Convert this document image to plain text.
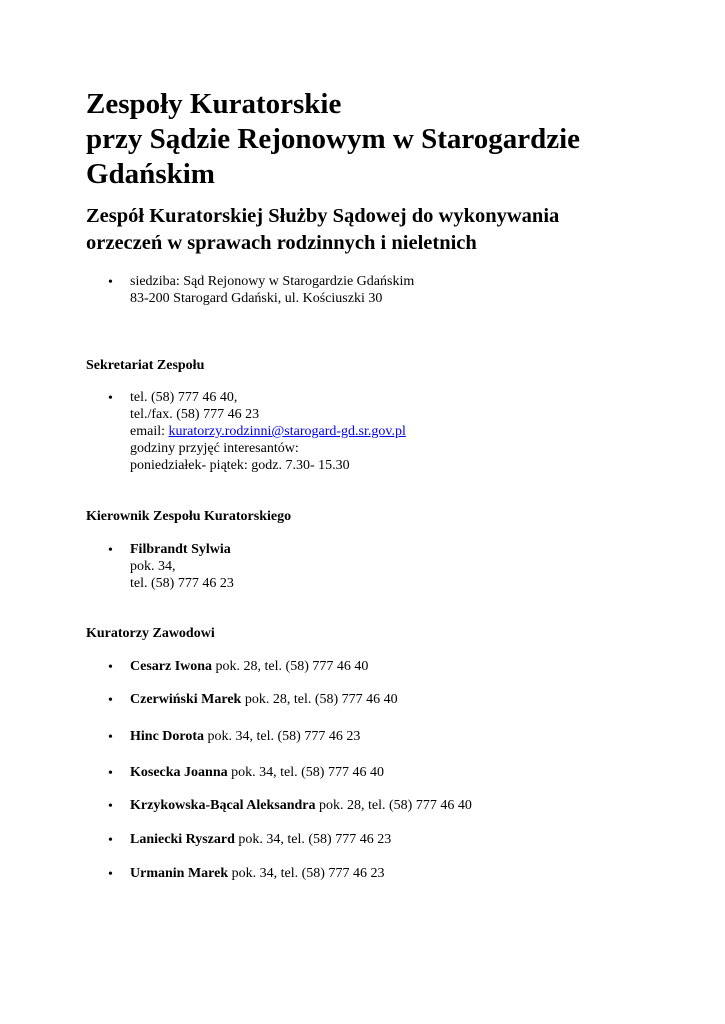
Zespoły Kuratorskie
przy Sądzie Rejonowym w Starogardzie
Gdańskim
Zespół Kuratorskiej Służby Sądowej do wykonywania
orzeczeń w sprawach rodzinnych i nieletnich
•
siedziba: Sąd Rejonowy w Starogardzie Gdańskim
83-200 Starogard Gdański, ul. Kościuszki 30
Sekretariat Zespołu
•
tel. (58) 777 46 40,
tel./fax. (58) 777 46 23
email: kuratorzy.rodzinni@starogard-gd.sr.gov.pl
godziny przyjęć interesantów:
poniedziałek- piątek: godz. 7.30- 15.30
Kierownik Zespołu Kuratorskiego
•
Filbrandt Sylwia
pok. 34,
tel. (58) 777 46 23
Kuratorzy Zawodowi
•
Cesarz Iwona pok. 28, tel. (58) 777 46 40
•
Czerwiński Marek pok. 28, tel. (58) 777 46 40
•
Hinc Dorota pok. 34, tel. (58) 777 46 23
•
Kosecka Joanna pok. 34, tel. (58) 777 46 40
•
Krzykowska-Bącal Aleksandra pok. 28, tel. (58) 777 46 40
•
Laniecki Ryszard pok. 34, tel. (58) 777 46 23
•
Urmanin Marek pok. 34, tel. (58) 777 46 23
